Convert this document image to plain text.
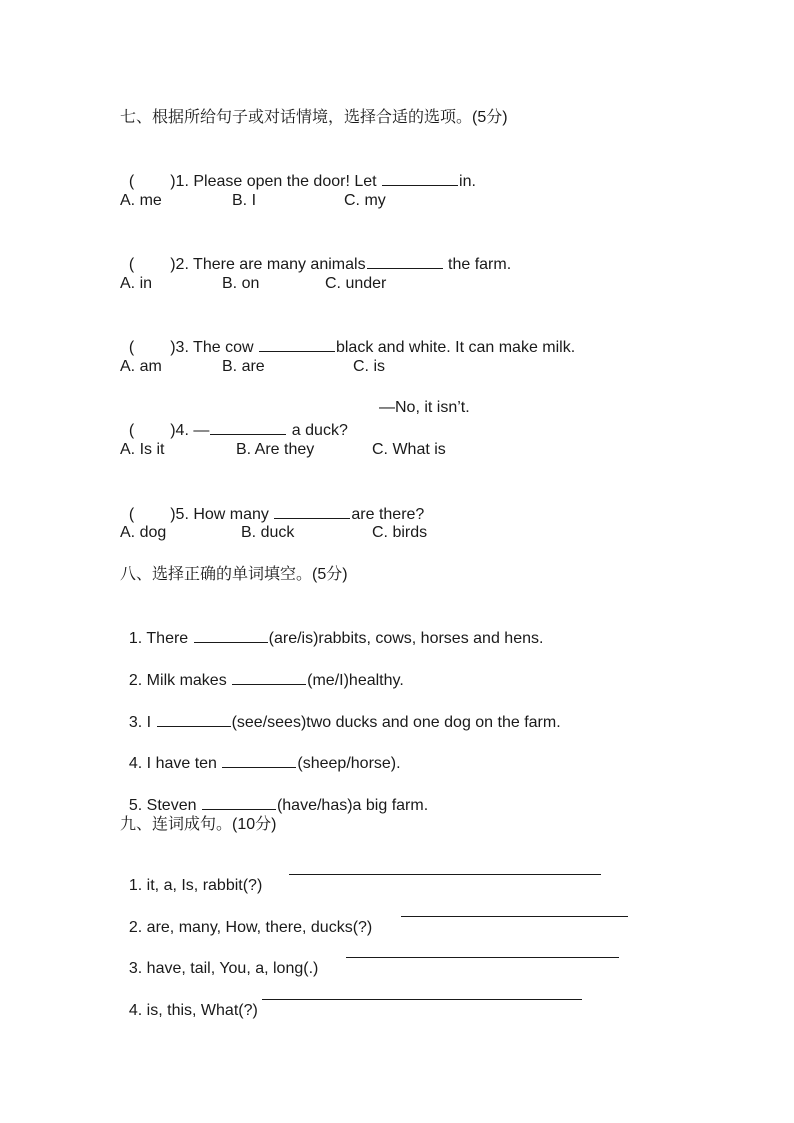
七、根据所给句子或对话情境，选择合适的选项。(5分)

( )1. Please open the door! Let	in.

A. me	B. I	C. my

( )2. There are many animals	the farm.

A. in	B. on	C. under

( )3. The cow	black and white. It can make milk.

A. am	B. are	C. is

( )4. —	a duck?

—No, it isn’t.
A. Is it	B. Are they	C. What is

( )5. How many	are there?

A. dog	B. duck	C. birds
八、选择正确的单词填空。(5分)

1. There	(are/is)rabbits, cows, horses and hens.

2. Milk makes	(me/I)healthy.

3. I	(see/sees)two ducks and one dog on the farm.

4. I have ten	(sheep/horse).

5. Steven	(have/has)a big farm.

九、连词成句。(10分)

1. it, a, Is, rabbit(?)

2. are, many, How, there, ducks(?)

3. have, tail, You, a, long(.)

4. is, this, What(?)
